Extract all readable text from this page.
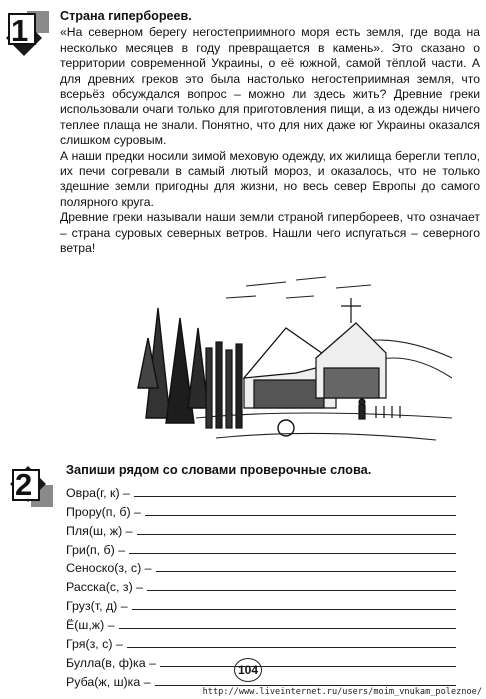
1	Страна гипербореев.

«На северном берегу негостеприимного моря есть земля, где вода на несколько месяцев в году превращается в камень». Это сказано о территории современной Украины, о её южной, самой тёплой части. А для древних греков это была настолько негостеприимная земля, что всерьёз обсуждался вопрос – можно ли здесь жить? Древние греки использовали очаги только для приготовления пищи, а из одежды ничего теплее плаща не знали. Понятно, что для них даже юг Украины оказался слишком суровым.

А наши предки носили зимой меховую одежду, их жилища берегли тепло, их печи согревали в самый лютый мороз, и оказалось, что не только здешние земли пригодны для жизни, но весь север Европы до самого полярного круга.

Древние греки называли наши земли страной гипербореев, что означает – страна суровых северных ветров. Нашли чего испугаться – северного ветра!

2	Запиши рядом со словами проверочные слова.

Овра(г, к) –
Прору(п, б) –
Пля(ш, ж) –
Гри(п, б) –
Сеноско(з, с) –
Расска(с, з) –
Груз(т, д) –
Ё(ш,ж) –
Гря(з, с) –
Булла(в, ф)ка –
Руба(ж, ш)ка –
104
http://www.liveinternet.ru/users/moim_vnukam_poleznoe/
